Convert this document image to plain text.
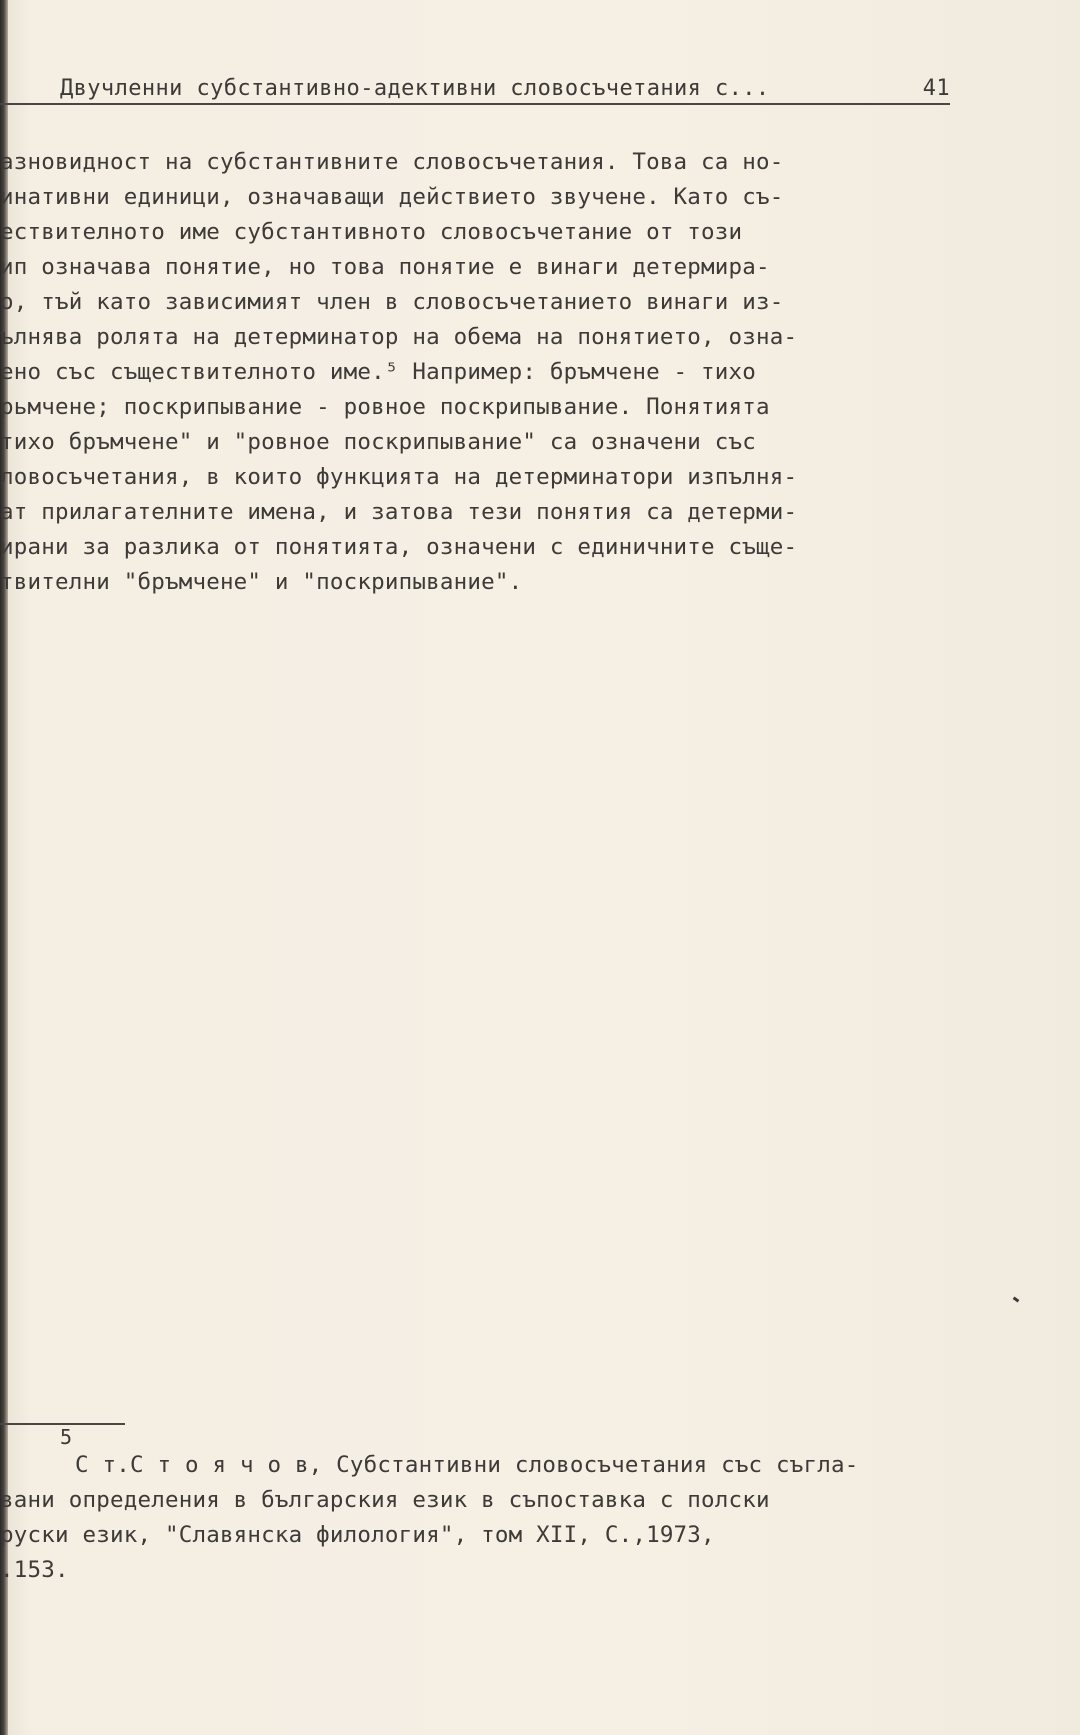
Двучленни субстантивно-адективни словосъчетания с...	41
азновидност на субстантивните словосъчетания. Това са но-
инативни единици, означаващи действието звучене. Като съ-
ествителното име субстантивното словосъчетание от този
ип означава понятие, но това понятие е винаги детермира-
о, тъй като зависимият член в словосъчетанието винаги из-
ълнява ролята на детерминатор на обема на понятието, озна-
ено със съществителното име.⁵ Например: бръмчене - тихо
рьмчене; поскрипывание - ровное поскрипывание. Понятията
тихо бръмчене" и "ровное поскрипывание" са означени със
ловосъчетания, в които функцията на детерминатори изпълня-
ат прилагателните имена, и затова тези понятия са детерми-
ирани за разлика от понятията, означени с единичните съще-
твителни "бръмчене" и "поскрипывание".
5
С т.С т о я ч о в, Субстантивни словосъчетания със съгла-
вани определения в българския език в съпоставка с полски
руски език, "Славянска филология", том XII, С.,1973,
.153.
